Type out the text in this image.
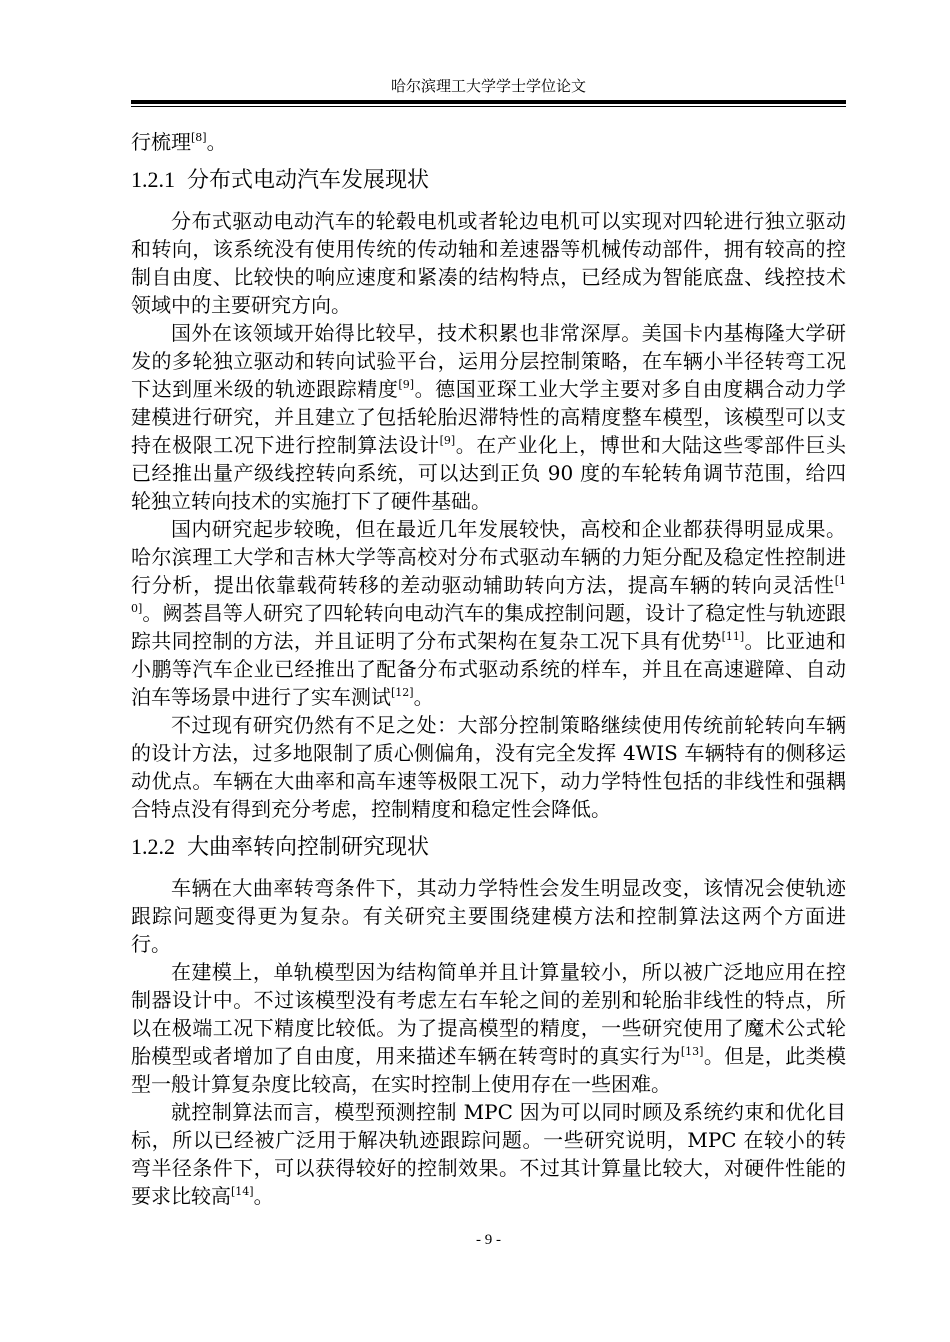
哈尔滨理工大学学士学位论文

行梳理[8]。

1.2.1 分布式电动汽车发展现状

分布式驱动电动汽车的轮毂电机或者轮边电机可以实现对四轮进行独立驱动和转向，该系统没有使用传统的传动轴和差速器等机械传动部件，拥有较高的控制自由度、比较快的响应速度和紧凑的结构特点，已经成为智能底盘、线控技术领域中的主要研究方向。

国外在该领域开始得比较早，技术积累也非常深厚。美国卡内基梅隆大学研发的多轮独立驱动和转向试验平台，运用分层控制策略，在车辆小半径转弯工况下达到厘米级的轨迹跟踪精度[9]。德国亚琛工业大学主要对多自由度耦合动力学建模进行研究，并且建立了包括轮胎迟滞特性的高精度整车模型，该模型可以支持在极限工况下进行控制算法设计[9]。在产业化上，博世和大陆这些零部件巨头已经推出量产级线控转向系统，可以达到正负 90 度的车轮转角调节范围，给四轮独立转向技术的实施打下了硬件基础。

国内研究起步较晚，但在最近几年发展较快，高校和企业都获得明显成果。哈尔滨理工大学和吉林大学等高校对分布式驱动车辆的力矩分配及稳定性控制进行分析，提出依靠载荷转移的差动驱动辅助转向方法，提高车辆的转向灵活性[10]。阙荟昌等人研究了四轮转向电动汽车的集成控制问题，设计了稳定性与轨迹跟踪共同控制的方法，并且证明了分布式架构在复杂工况下具有优势[11]。比亚迪和小鹏等汽车企业已经推出了配备分布式驱动系统的样车，并且在高速避障、自动泊车等场景中进行了实车测试[12]。

不过现有研究仍然有不足之处：大部分控制策略继续使用传统前轮转向车辆的设计方法，过多地限制了质心侧偏角，没有完全发挥 4WIS 车辆特有的侧移运动优点。车辆在大曲率和高车速等极限工况下，动力学特性包括的非线性和强耦合特点没有得到充分考虑，控制精度和稳定性会降低。

1.2.2 大曲率转向控制研究现状

车辆在大曲率转弯条件下，其动力学特性会发生明显改变，该情况会使轨迹跟踪问题变得更为复杂。有关研究主要围绕建模方法和控制算法这两个方面进行。

在建模上，单轨模型因为结构简单并且计算量较小，所以被广泛地应用在控制器设计中。不过该模型没有考虑左右车轮之间的差别和轮胎非线性的特点，所以在极端工况下精度比较低。为了提高模型的精度，一些研究使用了魔术公式轮胎模型或者增加了自由度，用来描述车辆在转弯时的真实行为[13]。但是，此类模型一般计算复杂度比较高，在实时控制上使用存在一些困难。

就控制算法而言，模型预测控制 MPC 因为可以同时顾及系统约束和优化目标，所以已经被广泛用于解决轨迹跟踪问题。一些研究说明，MPC 在较小的转弯半径条件下，可以获得较好的控制效果。不过其计算量比较大，对硬件性能的要求比较高[14]。

- 9 -
